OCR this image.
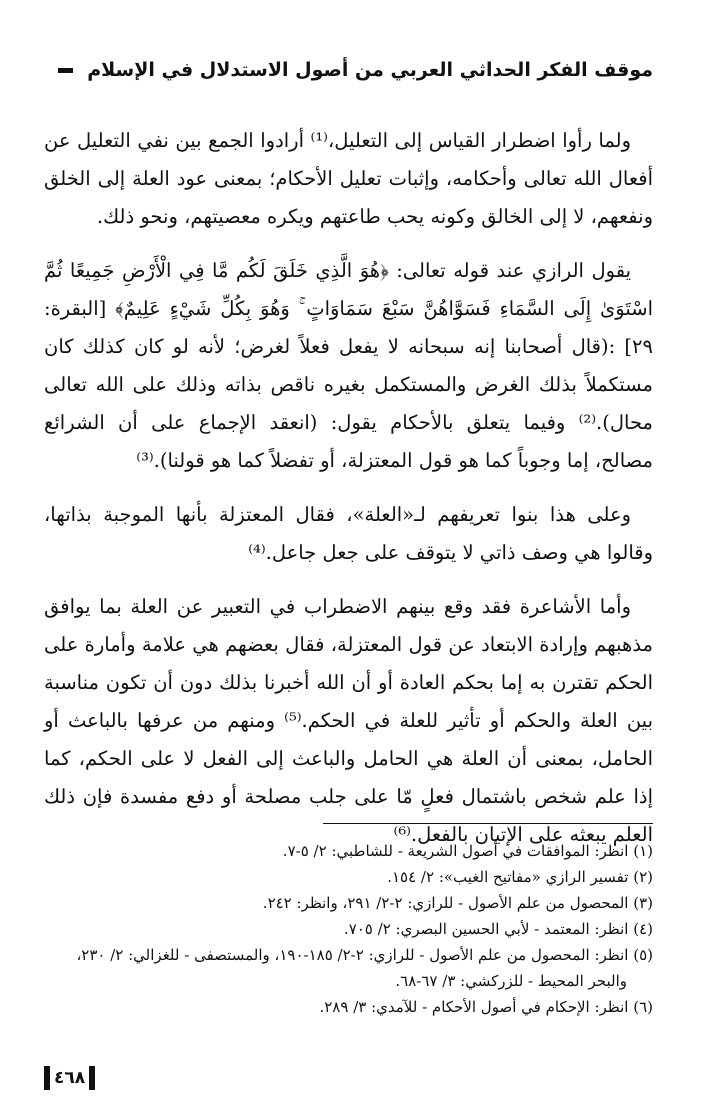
موقف الفكر الحداثي العربي من أصول الاستدلال في الإسلام

ولما رأوا اضطرار القياس إلى التعليل،⁽¹⁾ أرادوا الجمع بين نفي التعليل عن أفعال الله تعالى وأحكامه، وإثبات تعليل الأحكام؛ بمعنى عود العلة إلى الخلق ونفعهم، لا إلى الخالق وكونه يحب طاعتهم ويكره معصيتهم، ونحو ذلك.

يقول الرازي عند قوله تعالى: ﴿هُوَ الَّذِي خَلَقَ لَكُم مَّا فِي الْأَرْضِ جَمِيعًا ثُمَّ اسْتَوَىٰ إِلَى السَّمَاءِ فَسَوَّاهُنَّ سَبْعَ سَمَاوَاتٍ ۚ وَهُوَ بِكُلِّ شَيْءٍ عَلِيمٌ﴾ [البقرة: ٢٩] :(قال أصحابنا إنه سبحانه لا يفعل فعلاً لغرض؛ لأنه لو كان كذلك كان مستكملاً بذلك الغرض والمستكمل بغيره ناقص بذاته وذلك على الله تعالى محال).⁽²⁾ وفيما يتعلق بالأحكام يقول: (انعقد الإجماع على أن الشرائع مصالح، إما وجوباً كما هو قول المعتزلة، أو تفضلاً كما هو قولنا).⁽³⁾

وعلى هذا بنوا تعريفهم لـ«العلة»، فقال المعتزلة بأنها الموجبة بذاتها، وقالوا هي وصف ذاتي لا يتوقف على جعل جاعل.⁽⁴⁾

وأما الأشاعرة فقد وقع بينهم الاضطراب في التعبير عن العلة بما يوافق مذهبهم وإرادة الابتعاد عن قول المعتزلة، فقال بعضهم هي علامة وأمارة على الحكم تقترن به إما بحكم العادة أو أن الله أخبرنا بذلك دون أن تكون مناسبة بين العلة والحكم أو تأثير للعلة في الحكم.⁽⁵⁾ ومنهم من عرفها بالباعث أو الحامل، بمعنى أن العلة هي الحامل والباعث إلى الفعل لا على الحكم، كما إذا علم شخص باشتمال فعلٍ مّا على جلب مصلحة أو دفع مفسدة فإن ذلك العلم يبعثه على الإتيان بالفعل.⁽⁶⁾

(١) انظر: الموافقات في أصول الشريعة - للشاطبي: ٢/ ٥-٧.

(٢) تفسير الرازي «مفاتيح الغيب»: ٢/ ١٥٤.

(٣) المحصول من علم الأصول - للرازي: ٢-٢/ ٢٩١، وانظر: ٢٤٢.

(٤) انظر: المعتمد - لأبي الحسين البصري: ٢/ ٧٠٥.

(٥) انظر: المحصول من علم الأصول - للرازي: ٢-٢/ ١٨٥-١٩٠، والمستصفى - للغزالي: ٢/ ٢٣٠،

والبحر المحيط - للزركشي: ٣/ ٦٧-٦٨.

(٦) انظر: الإحكام في أصول الأحكام - للآمدي: ٣/ ٢٨٩.

٤٦٨
